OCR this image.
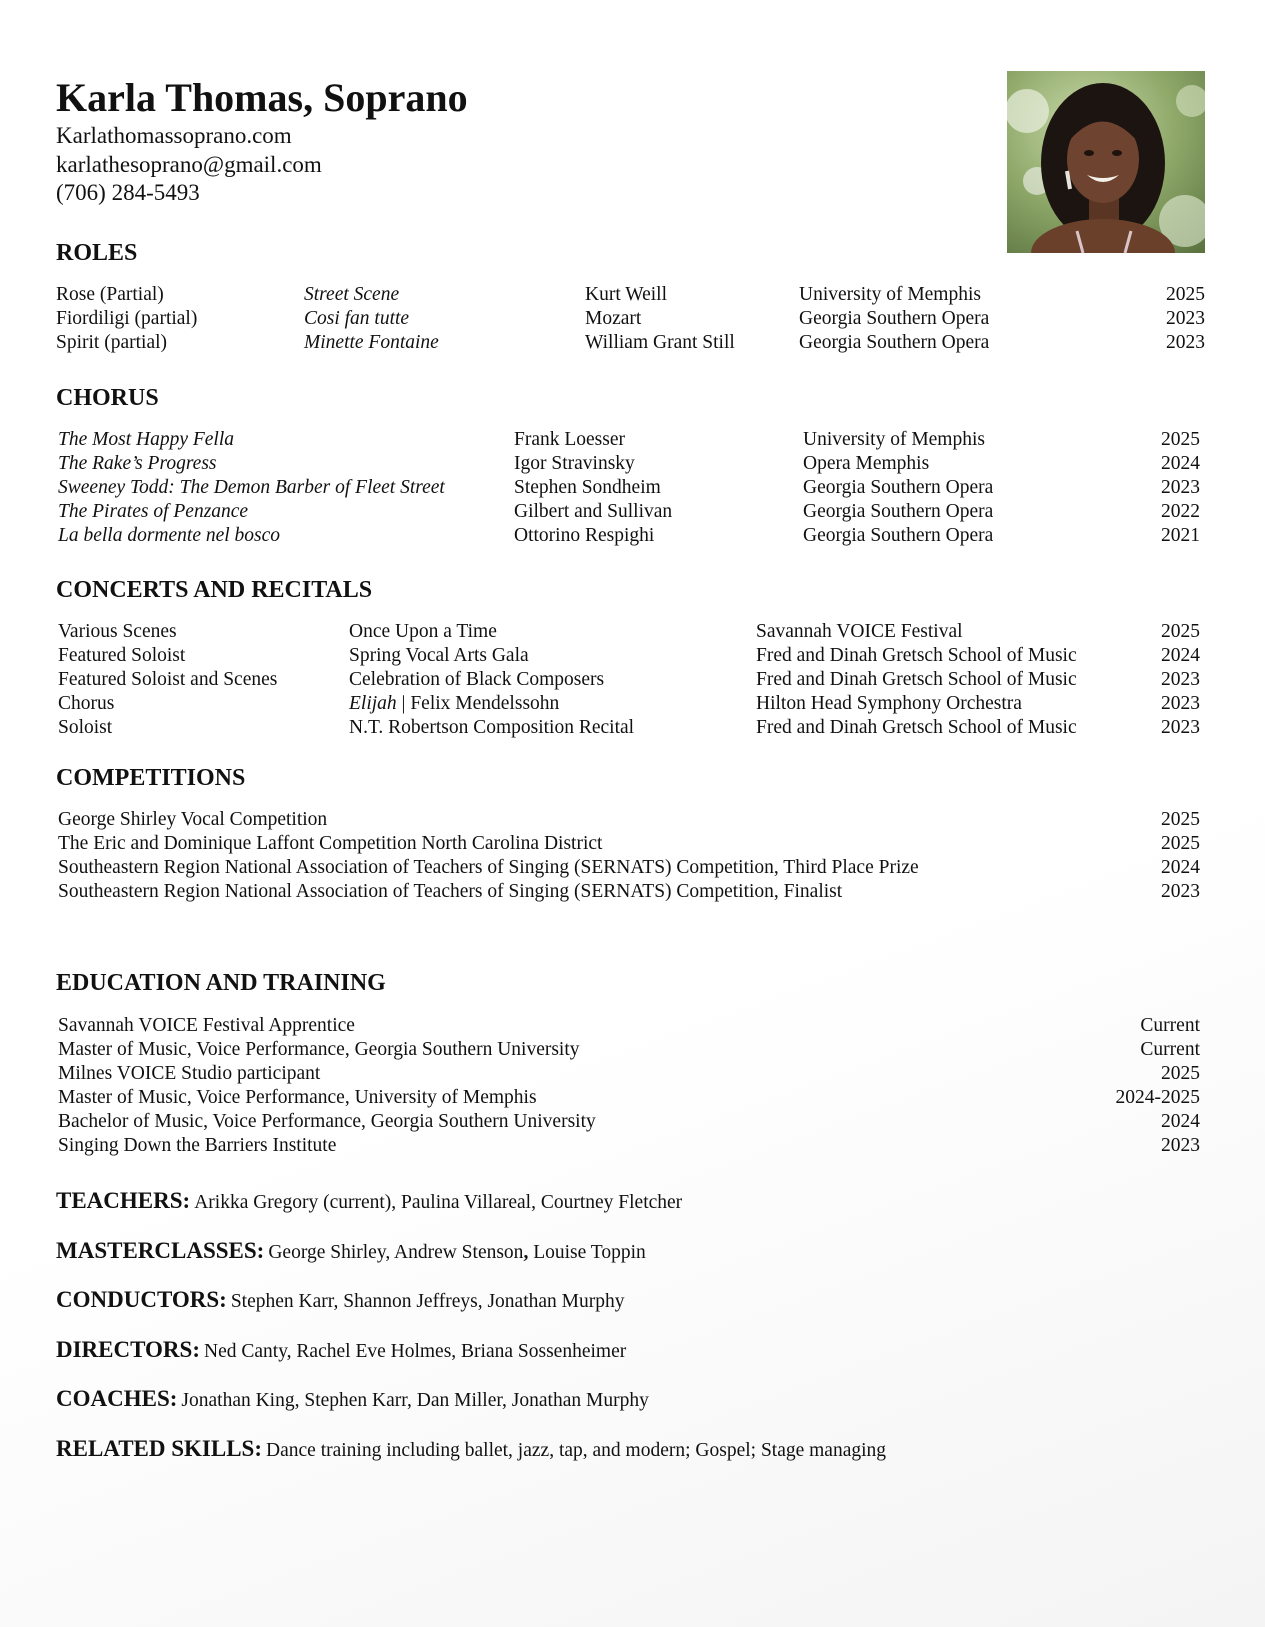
Karla Thomas, Soprano
Karlathomassoprano.com
karlathesoprano@gmail.com
(706) 284-5493
ROLES
Rose (Partial)	Street Scene	Kurt Weill	University of Memphis	2025
Fiordiligi (partial)	Cosi fan tutte	Mozart	Georgia Southern Opera	2023
Spirit (partial)	Minette Fontaine	William Grant Still	Georgia Southern Opera	2023
CHORUS
The Most Happy Fella	Frank Loesser	University of Memphis	2025
The Rake’s Progress	Igor Stravinsky	Opera Memphis	2024
Sweeney Todd: The Demon Barber of Fleet Street	Stephen Sondheim	Georgia Southern Opera	2023
The Pirates of Penzance	Gilbert and Sullivan	Georgia Southern Opera	2022
La bella dormente nel bosco	Ottorino Respighi	Georgia Southern Opera	2021
CONCERTS AND RECITALS
Various Scenes	Once Upon a Time	Savannah VOICE Festival	2025
Featured Soloist	Spring Vocal Arts Gala	Fred and Dinah Gretsch School of Music	2024
Featured Soloist and Scenes	Celebration of Black Composers	Fred and Dinah Gretsch School of Music	2023
Chorus	Elijah | Felix Mendelssohn	Hilton Head Symphony Orchestra	2023
Soloist	N.T. Robertson Composition Recital	Fred and Dinah Gretsch School of Music	2023
COMPETITIONS
George Shirley Vocal Competition	2025
The Eric and Dominique Laffont Competition North Carolina District	2025
Southeastern Region National Association of Teachers of Singing (SERNATS) Competition, Third Place Prize	2024
Southeastern Region National Association of Teachers of Singing (SERNATS) Competition, Finalist	2023
EDUCATION AND TRAINING
Savannah VOICE Festival Apprentice	Current
Master of Music, Voice Performance, Georgia Southern University	Current
Milnes VOICE Studio participant	2025
Master of Music, Voice Performance, University of Memphis	2024-2025
Bachelor of Music, Voice Performance, Georgia Southern University	2024
Singing Down the Barriers Institute	2023
TEACHERS: Arikka Gregory (current), Paulina Villareal, Courtney Fletcher
MASTERCLASSES: George Shirley, Andrew Stenson, Louise Toppin
CONDUCTORS: Stephen Karr, Shannon Jeffreys, Jonathan Murphy
DIRECTORS: Ned Canty, Rachel Eve Holmes, Briana Sossenheimer
COACHES: Jonathan King, Stephen Karr, Dan Miller, Jonathan Murphy
RELATED SKILLS: Dance training including ballet, jazz, tap, and modern; Gospel; Stage managing
